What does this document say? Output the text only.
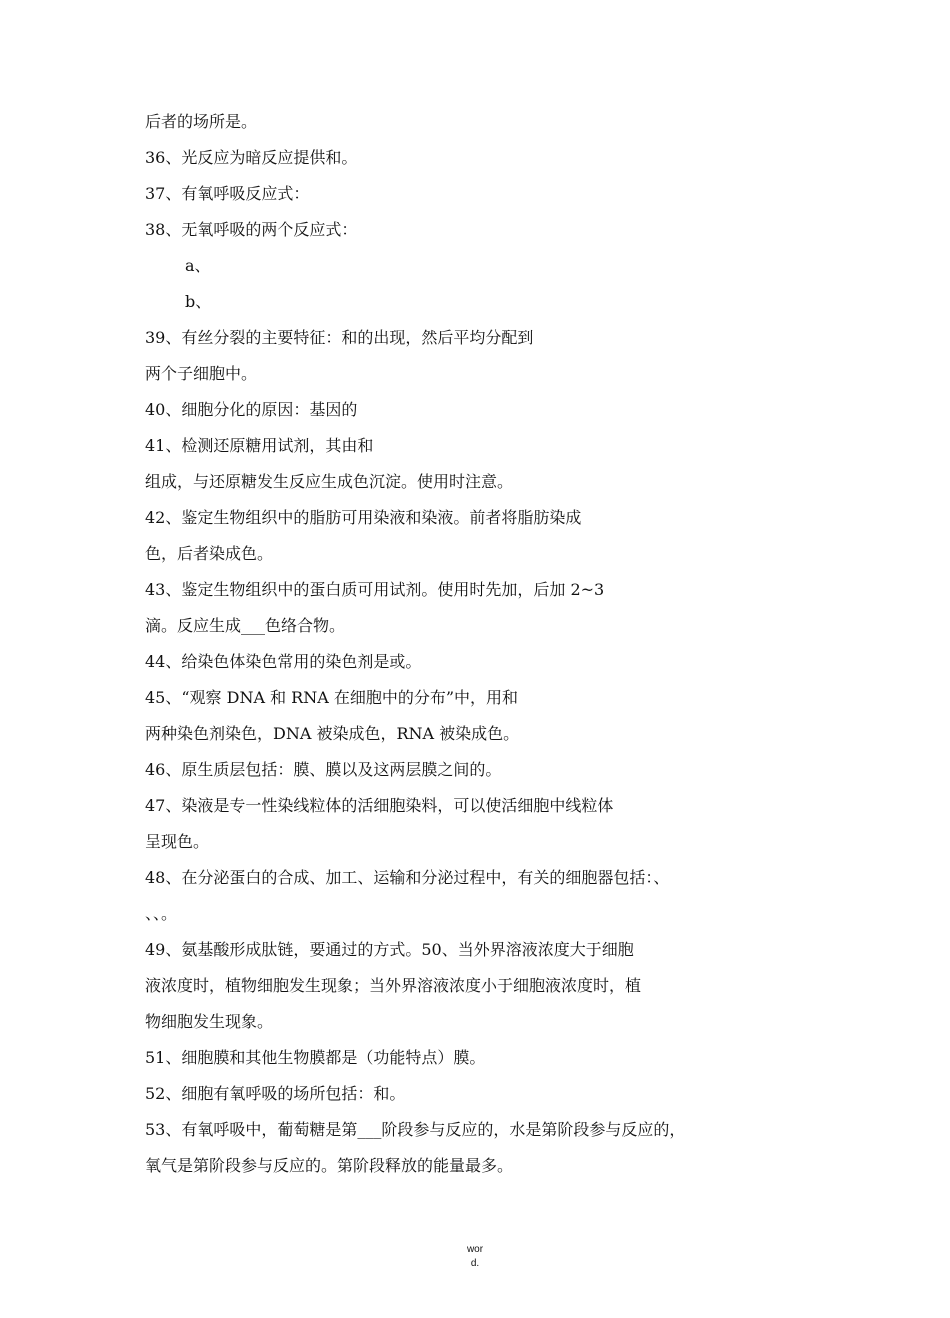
后者的场所是。
36、光反应为暗反应提供和。
37、有氧呼吸反应式：
38、无氧呼吸的两个反应式：
a、
b、
39、有丝分裂的主要特征：和的出现，然后平均分配到
两个子细胞中。
40、细胞分化的原因：基因的
41、检测还原糖用试剂，其由和
组成，与还原糖发生反应生成色沉淀。使用时注意。
42、鉴定生物组织中的脂肪可用染液和染液。前者将脂肪染成
色，后者染成色。
43、鉴定生物组织中的蛋白质可用试剂。使用时先加，后加 2~3
滴。反应生成___色络合物。
44、给染色体染色常用的染色剂是或。
45、“观察 DNA 和 RNA 在细胞中的分布”中，用和
两种染色剂染色，DNA 被染成色，RNA 被染成色。
46、原生质层包括：膜、膜以及这两层膜之间的。
47、染液是专一性染线粒体的活细胞染料，可以使活细胞中线粒体
呈现色。
48、在分泌蛋白的合成、加工、运输和分泌过程中，有关的细胞器包括：、
、、。
49、氨基酸形成肽链，要通过的方式。50、当外界溶液浓度大于细胞
液浓度时，植物细胞发生现象；当外界溶液浓度小于细胞液浓度时，植
物细胞发生现象。
51、细胞膜和其他生物膜都是（功能特点）膜。
52、细胞有氧呼吸的场所包括：和。
53、有氧呼吸中，葡萄糖是第___阶段参与反应的，水是第阶段参与反应的，
氧气是第阶段参与反应的。第阶段释放的能量最多。
wor
d.
